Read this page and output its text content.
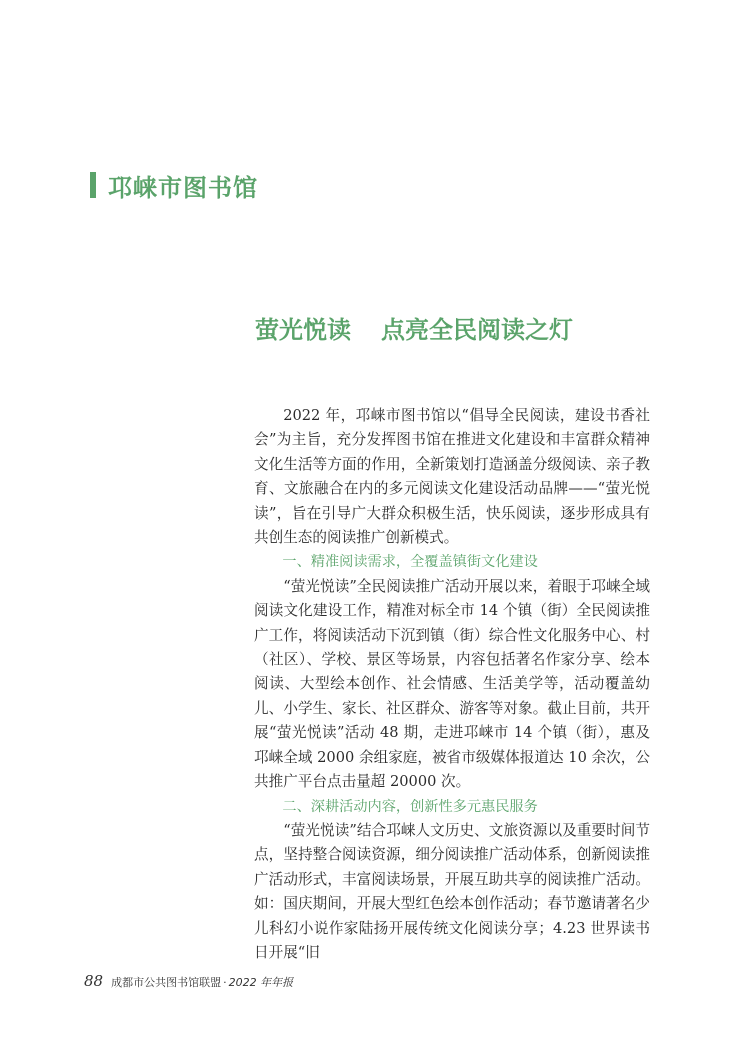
邛崃市图书馆
萤光悦读 点亮全民阅读之灯

2022 年，邛崃市图书馆以“倡导全民阅读，建设书香社会”为主旨，充分发挥图书馆在推进文化建设和丰富群众精神文化生活等方面的作用，全新策划打造涵盖分级阅读、亲子教育、文旅融合在内的多元阅读文化建设活动品牌——“萤光悦读”，旨在引导广大群众积极生活，快乐阅读，逐步形成具有共创生态的阅读推广创新模式。

一、精准阅读需求，全覆盖镇街文化建设

“萤光悦读”全民阅读推广活动开展以来，着眼于邛崃全域阅读文化建设工作，精准对标全市 14 个镇（街）全民阅读推广工作，将阅读活动下沉到镇（街）综合性文化服务中心、村（社区）、学校、景区等场景，内容包括著名作家分享、绘本阅读、大型绘本创作、社会情感、生活美学等，活动覆盖幼儿、小学生、家长、社区群众、游客等对象。截止目前，共开展“萤光悦读”活动 48 期，走进邛崃市 14 个镇（街），惠及邛崃全域 2000 余组家庭，被省市级媒体报道达 10 余次，公共推广平台点击量超 20000 次。

二、深耕活动内容，创新性多元惠民服务

“萤光悦读”结合邛崃人文历史、文旅资源以及重要时间节点，坚持整合阅读资源，细分阅读推广活动体系，创新阅读推广活动形式，丰富阅读场景，开展互助共享的阅读推广活动。如：国庆期间，开展大型红色绘本创作活动；春节邀请著名少儿科幻小说作家陆扬开展传统文化阅读分享；4.23 世界读书日开展“旧

88 成都市公共图书馆联盟 · 2022 年年报
